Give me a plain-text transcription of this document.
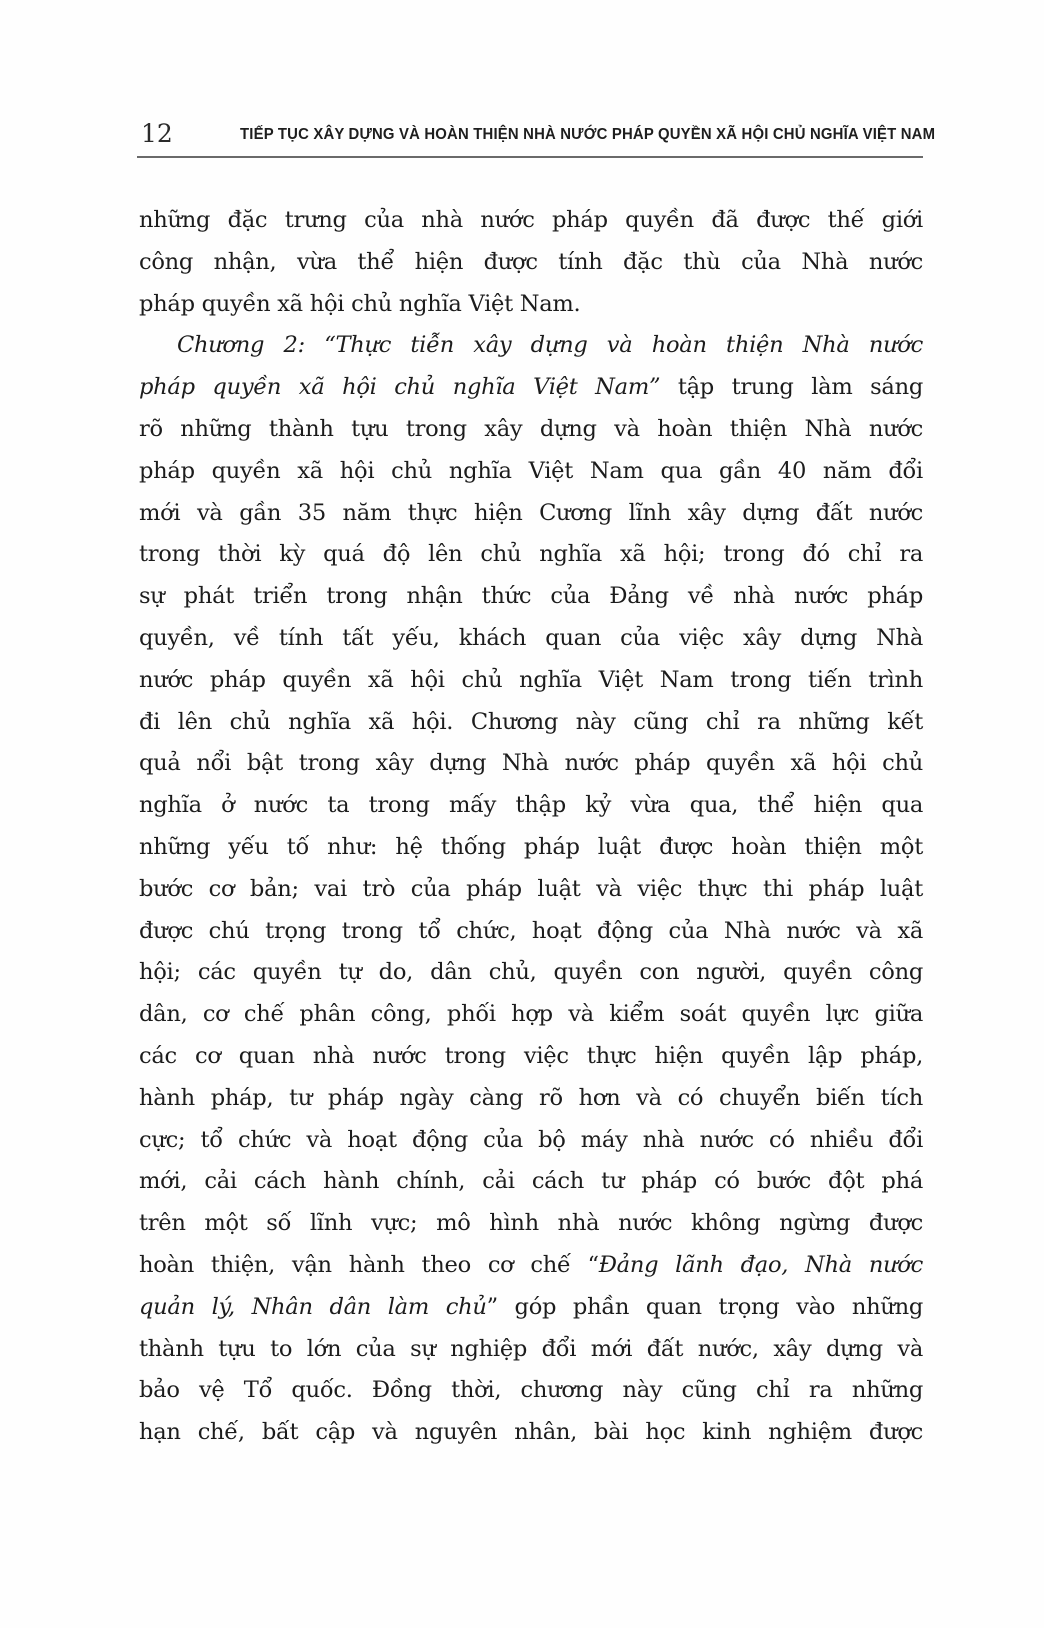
12	TIẾP TỤC XÂY DỰNG VÀ HOÀN THIỆN NHÀ NƯỚC PHÁP QUYỀN XÃ HỘI CHỦ NGHĨA VIỆT NAM
những đặc trưng của nhà nước pháp quyền đã được thế giới
công nhận, vừa thể hiện được tính đặc thù của Nhà nước
pháp quyền xã hội chủ nghĩa Việt Nam.
Chương 2: “Thực tiễn xây dựng và hoàn thiện Nhà nước
pháp quyền xã hội chủ nghĩa Việt Nam” tập trung làm sáng
rõ những thành tựu trong xây dựng và hoàn thiện Nhà nước
pháp quyền xã hội chủ nghĩa Việt Nam qua gần 40 năm đổi
mới và gần 35 năm thực hiện Cương lĩnh xây dựng đất nước
trong thời kỳ quá độ lên chủ nghĩa xã hội; trong đó chỉ ra
sự phát triển trong nhận thức của Đảng về nhà nước pháp
quyền, về tính tất yếu, khách quan của việc xây dựng Nhà
nước pháp quyền xã hội chủ nghĩa Việt Nam trong tiến trình
đi lên chủ nghĩa xã hội. Chương này cũng chỉ ra những kết
quả nổi bật trong xây dựng Nhà nước pháp quyền xã hội chủ
nghĩa ở nước ta trong mấy thập kỷ vừa qua, thể hiện qua
những yếu tố như: hệ thống pháp luật được hoàn thiện một
bước cơ bản; vai trò của pháp luật và việc thực thi pháp luật
được chú trọng trong tổ chức, hoạt động của Nhà nước và xã
hội; các quyền tự do, dân chủ, quyền con người, quyền công
dân, cơ chế phân công, phối hợp và kiểm soát quyền lực giữa
các cơ quan nhà nước trong việc thực hiện quyền lập pháp,
hành pháp, tư pháp ngày càng rõ hơn và có chuyển biến tích
cực; tổ chức và hoạt động của bộ máy nhà nước có nhiều đổi
mới, cải cách hành chính, cải cách tư pháp có bước đột phá
trên một số lĩnh vực; mô hình nhà nước không ngừng được
hoàn thiện, vận hành theo cơ chế “Đảng lãnh đạo, Nhà nước
quản lý, Nhân dân làm chủ” góp phần quan trọng vào những
thành tựu to lớn của sự nghiệp đổi mới đất nước, xây dựng và
bảo vệ Tổ quốc. Đồng thời, chương này cũng chỉ ra những
hạn chế, bất cập và nguyên nhân, bài học kinh nghiệm được
